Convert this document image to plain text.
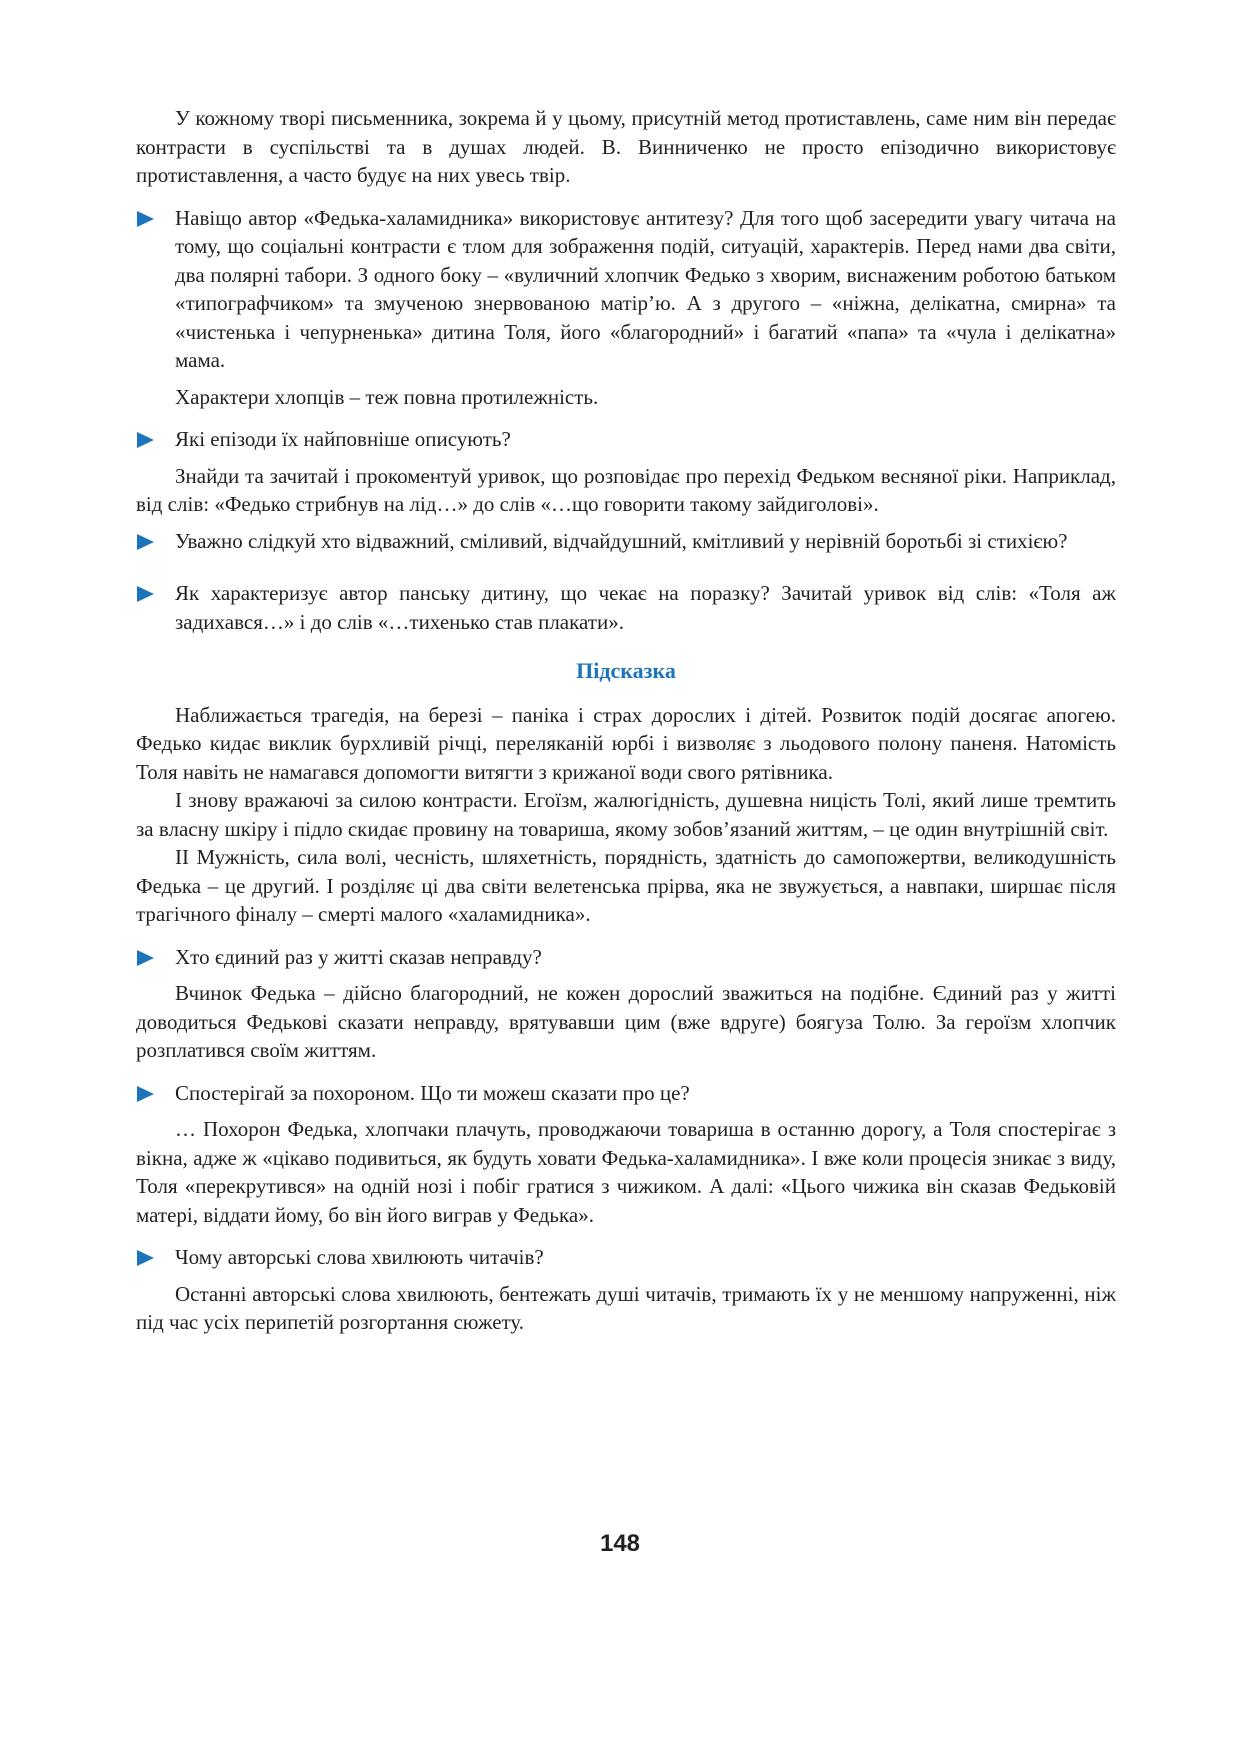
У кожному творі письменника, зокрема й у цьому, присутній метод протиставлень, саме ним він передає контрасти в суспільстві та в душах людей. В. Винниченко не просто епізодично використовує протиставлення, а часто будує на них увесь твір.

Навіщо автор «Федька-халамидника» використовує антитезу? Для того щоб засередити увагу читача на тому, що соціальні контрасти є тлом для зображення подій, ситуацій, характерів. Перед нами два світи, два полярні табори. З одного боку – «вуличний хлопчик Федько з хворим, виснаженим роботою батьком «типографчиком» та змученою знервованою матір’ю. А з другого – «ніжна, делікатна, смирна» та «чистенька і чепурненька» дитина Толя, його «благородний» і багатий «папа» та «чула і делікатна» мама.

Характери хлопців – теж повна протилежність.

Які епізоди їх найповніше описують?

Знайди та зачитай і прокоментуй уривок, що розповідає про перехід Федьком весняної ріки. Наприклад, від слів: «Федько стрибнув на лід…» до слів «…що говорити такому зайдиголові».

Уважно слідкуй хто відважний, сміливий, відчайдушний, кмітливий у нерівній боротьбі зі стихією?
Як характеризує автор панську дитину, що чекає на поразку? Зачитай уривок від слів: «Толя аж задихався…» і до слів «…тихенько став плакати».

Підсказка

Наближається трагедія, на березі – паніка і страх дорослих і дітей. Розвиток подій досягає апогею. Федько кидає виклик бурхливій річці, переляканій юрбі і визволяє з льодового полону паненя. Натомість Толя навіть не намагався допомогти витягти з крижаної води свого рятівника.

І знову вражаючі за силою контрасти. Егоїзм, жалюгідність, душевна ницість Толі, який лише тремтить за власну шкіру і підло скидає провину на товариша, якому зобов’язаний життям, – це один внутрішній світ.

ІІ Мужність, сила волі, чесність, шляхетність, порядність, здатність до самопожертви, великодушність Федька – це другий. І розділяє ці два світи велетенська прірва, яка не звужується, а навпаки, ширшає після трагічного фіналу – смерті малого «халамидника».

Хто єдиний раз у житті сказав неправду?

Вчинок Федька – дійсно благородний, не кожен дорослий зважиться на подібне. Єдиний раз у житті доводиться Федькові сказати неправду, врятувавши цим (вже вдруге) боягуза Толю. За героїзм хлопчик розплатився своїм життям.

Спостерігай за похороном. Що ти можеш сказати про це?

… Похорон Федька, хлопчаки плачуть, проводжаючи товариша в останню дорогу, а Толя спостерігає з вікна, адже ж «цікаво подивиться, як будуть ховати Федька-халамидника». І вже коли процесія зникає з виду, Толя «перекрутився» на одній нозі і побіг гратися з чижиком. А далі: «Цього чижика він сказав Федьковій матері, віддати йому, бо він його виграв у Федька».

Чому авторські слова хвилюють читачів?

Останні авторські слова хвилюють, бентежать душі читачів, тримають їх у не меншому напруженні, ніж під час усіх перипетій розгортання сюжету.

148
